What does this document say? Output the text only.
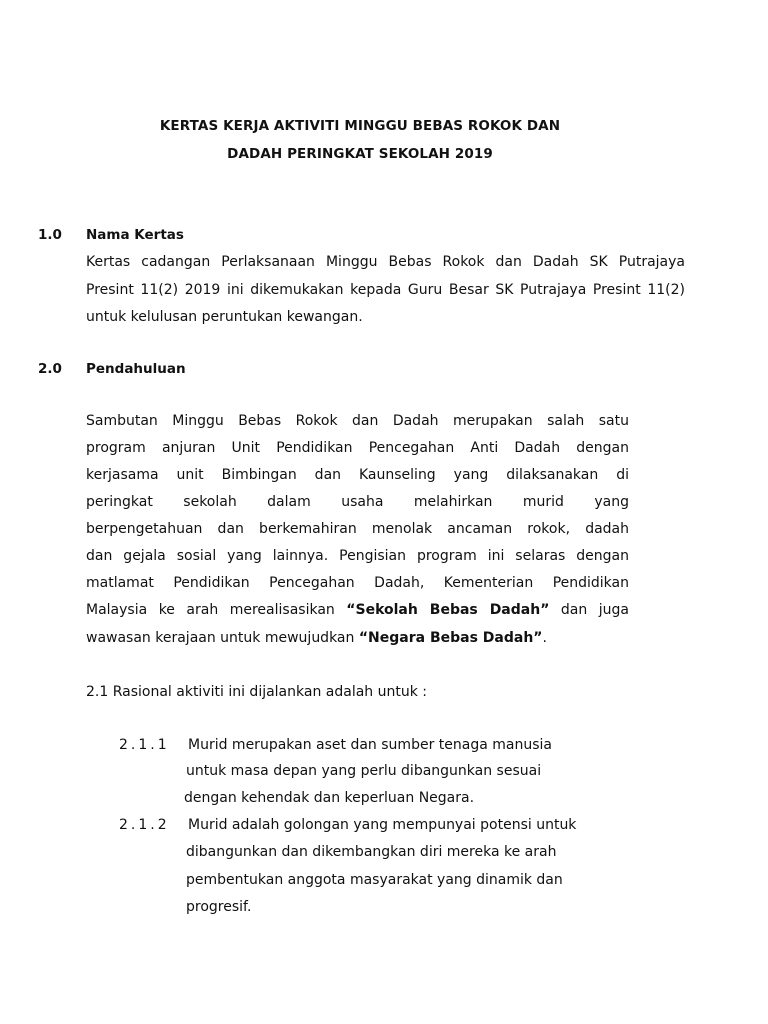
KERTAS KERJA AKTIVITI MINGGU BEBAS ROKOK DAN
DADAH PERINGKAT SEKOLAH 2019
1.0 Nama Kertas
Kertas cadangan Perlaksanaan Minggu Bebas Rokok dan Dadah SK Putrajaya
Presint 11(2) 2019 ini dikemukakan kepada Guru Besar SK Putrajaya Presint 11(2)
untuk kelulusan peruntukan kewangan.
2.0 Pendahuluan
Sambutan Minggu Bebas Rokok dan Dadah merupakan salah satu
program anjuran Unit Pendidikan Pencegahan Anti Dadah dengan
kerjasama unit Bimbingan dan Kaunseling yang dilaksanakan di
peringkat sekolah dalam usaha melahirkan murid yang
berpengetahuan dan berkemahiran menolak ancaman rokok, dadah
dan gejala sosial yang lainnya. Pengisian program ini selaras dengan
matlamat Pendidikan Pencegahan Dadah, Kementerian Pendidikan
Malaysia ke arah merealisasikan “Sekolah Bebas Dadah” dan juga
wawasan kerajaan untuk mewujudkan “Negara Bebas Dadah”.
2.1 Rasional aktiviti ini dijalankan adalah untuk :
2.1.1 Murid merupakan aset dan sumber tenaga manusia
untuk masa depan yang perlu dibangunkan sesuai
dengan kehendak dan keperluan Negara.
2.1.2 Murid adalah golongan yang mempunyai potensi untuk
dibangunkan dan dikembangkan diri mereka ke arah
pembentukan anggota masyarakat yang dinamik dan
progresif.
